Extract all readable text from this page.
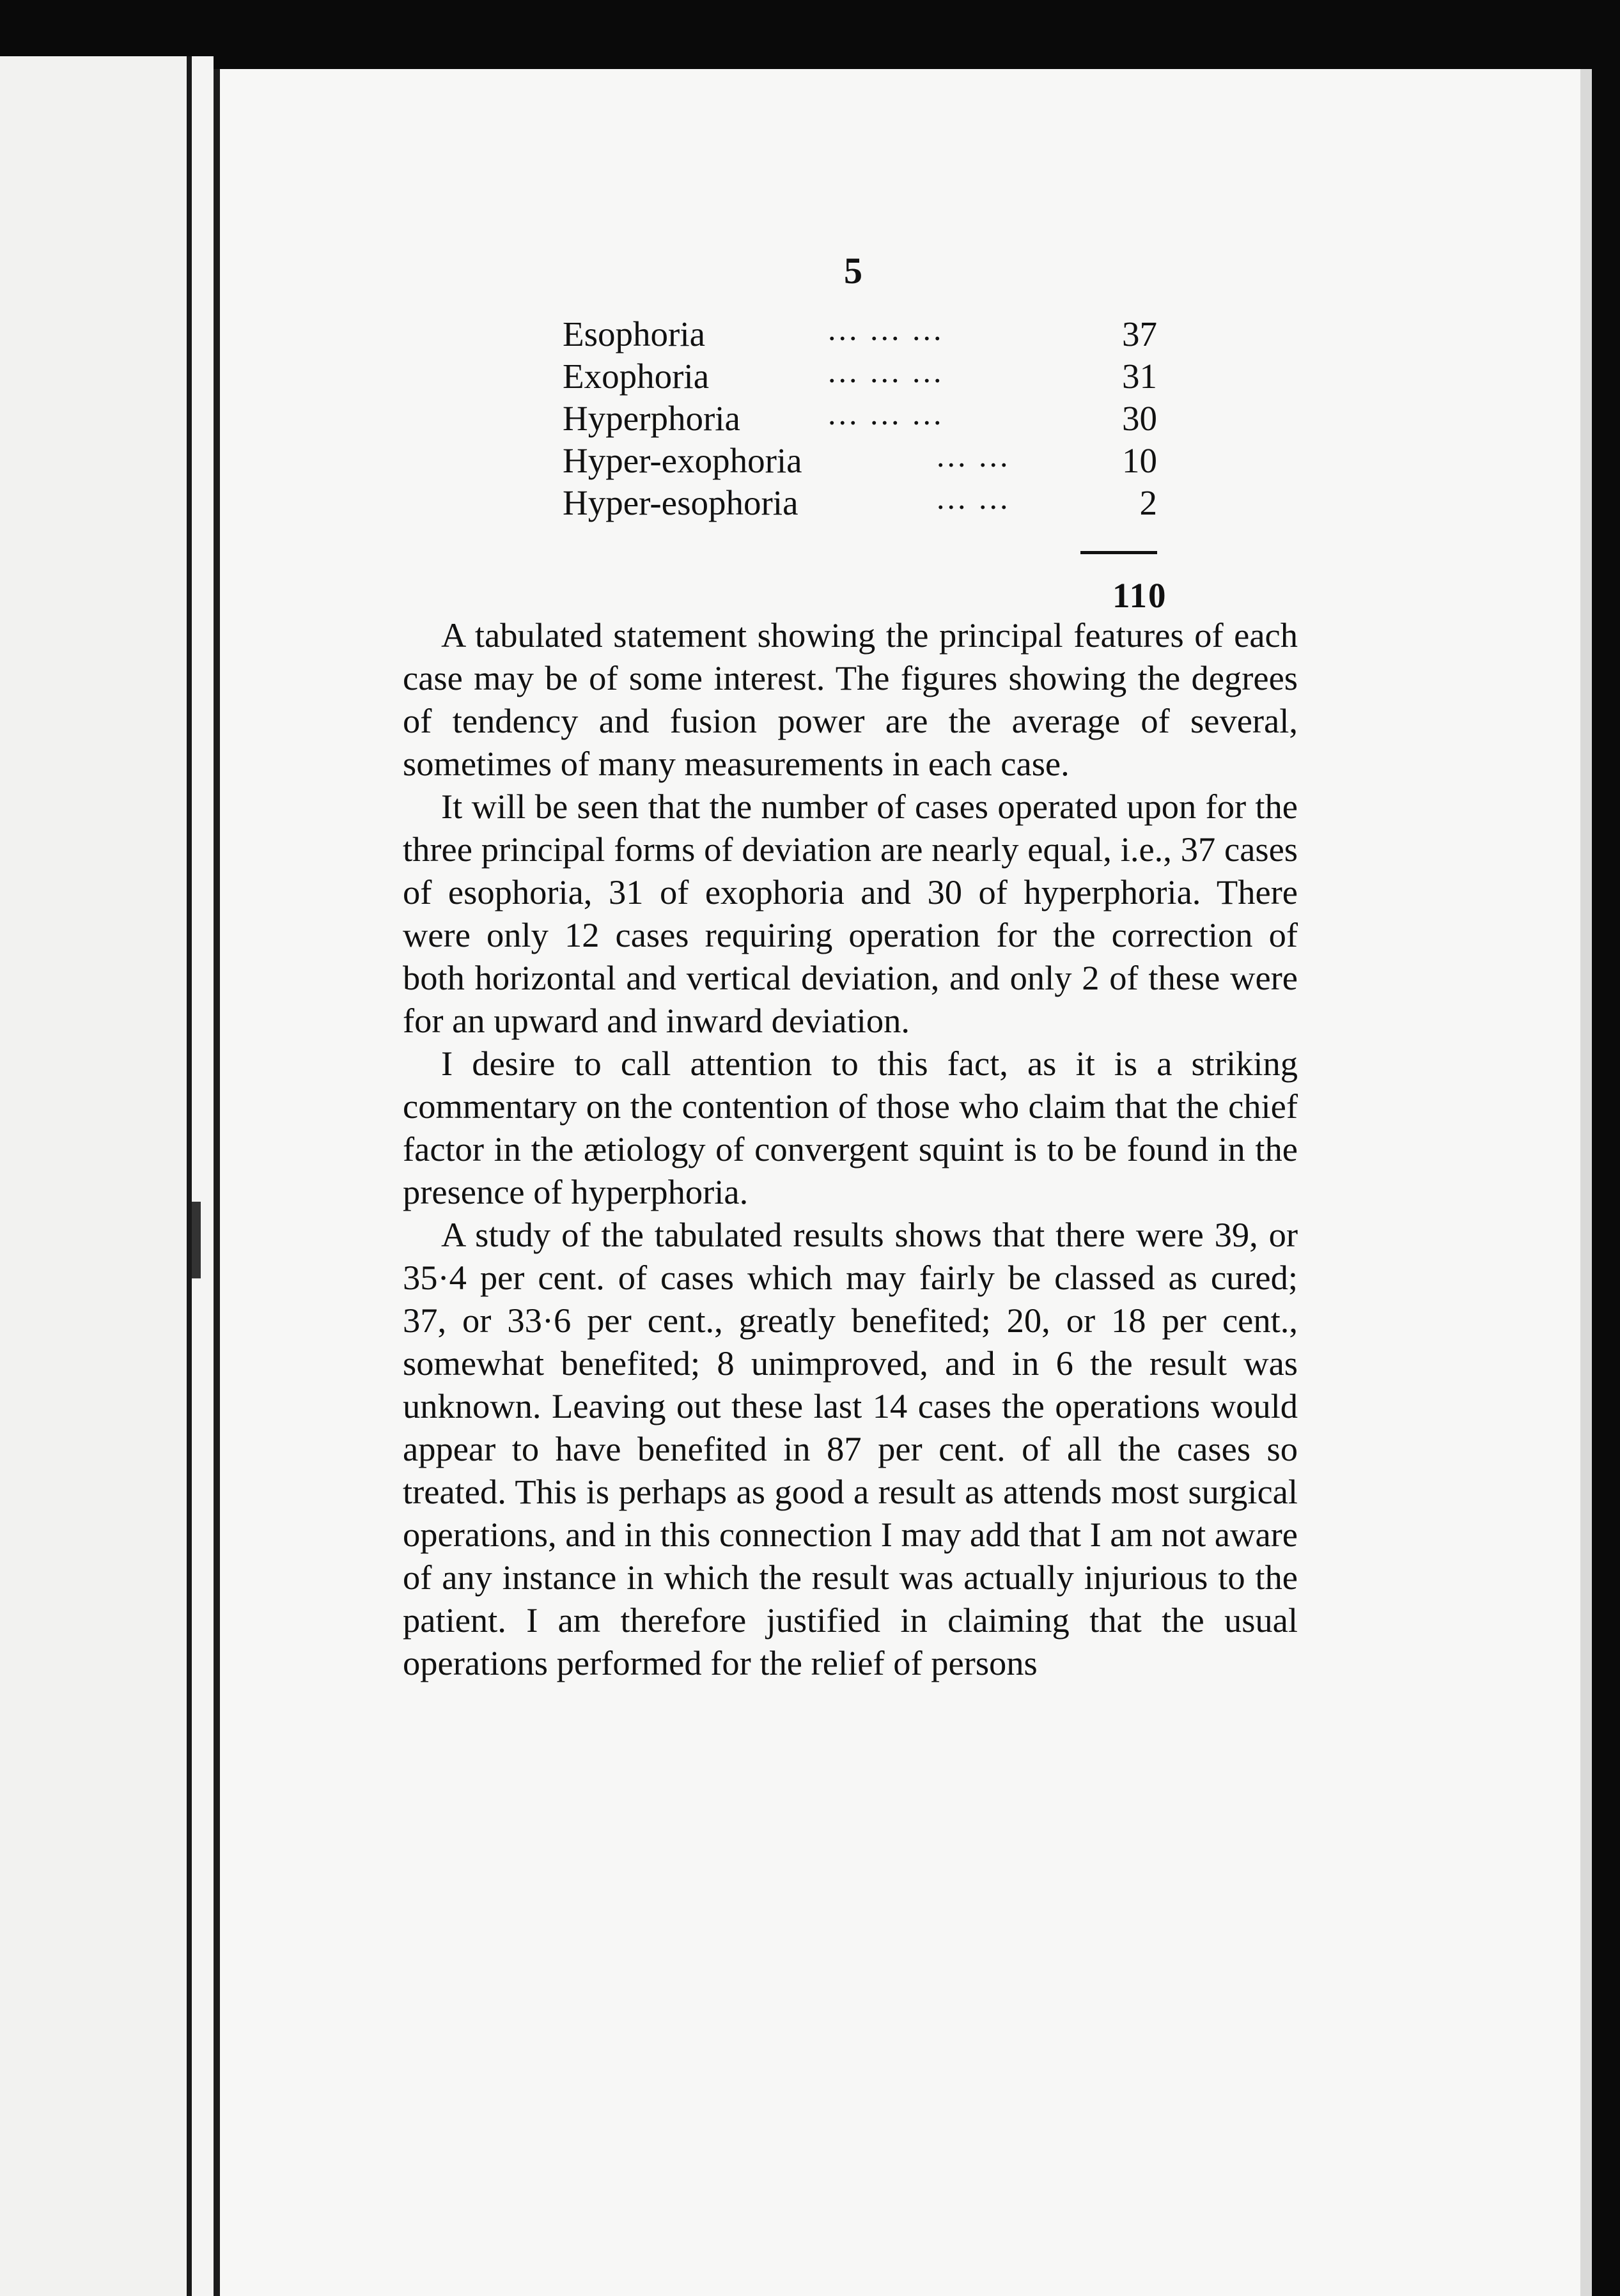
5
Esophoria	... ... ...	37
Exophoria	... ... ...	31
Hyperphoria	... ... ...	30
Hyper-exophoria	... ...	10
Hyper-esophoria	... ...	2
110

A tabulated statement showing the principal features of each case may be of some interest. The figures showing the degrees of tendency and fusion power are the average of several, sometimes of many measurements in each case.

It will be seen that the number of cases operated upon for the three principal forms of deviation are nearly equal, i.e., 37 cases of esophoria, 31 of exophoria and 30 of hyperphoria. There were only 12 cases requiring operation for the correction of both horizontal and vertical deviation, and only 2 of these were for an upward and inward deviation.

I desire to call attention to this fact, as it is a striking commentary on the contention of those who claim that the chief factor in the ætiology of convergent squint is to be found in the presence of hyperphoria.

A study of the tabulated results shows that there were 39, or 35·4 per cent. of cases which may fairly be classed as cured; 37, or 33·6 per cent., greatly benefited; 20, or 18 per cent., somewhat benefited; 8 unimproved, and in 6 the result was unknown. Leaving out these last 14 cases the operations would appear to have benefited in 87 per cent. of all the cases so treated. This is perhaps as good a result as attends most surgical operations, and in this connection I may add that I am not aware of any instance in which the result was actually injurious to the patient. I am therefore justified in claiming that the usual operations performed for the relief of persons
